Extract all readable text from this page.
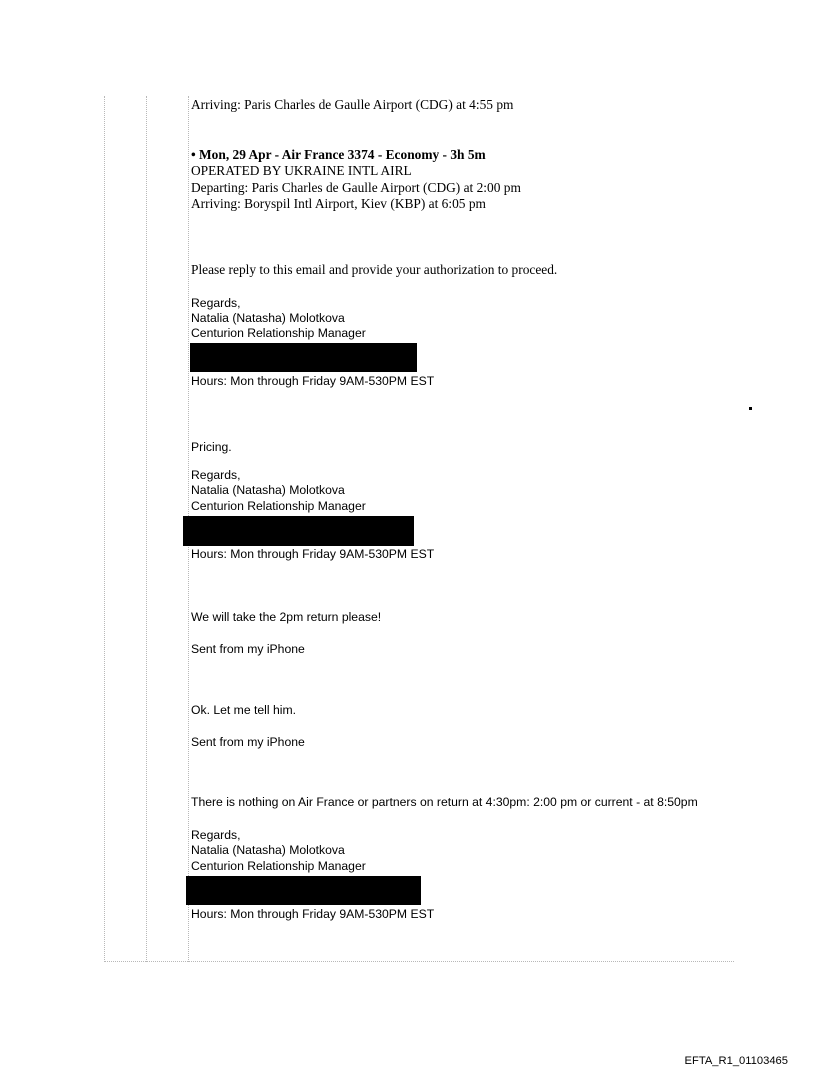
Arriving: Paris Charles de Gaulle Airport (CDG) at 4:55 pm
• Mon, 29 Apr - Air France 3374 - Economy - 3h 5m
OPERATED BY UKRAINE INTL AIRL
Departing: Paris Charles de Gaulle Airport (CDG) at 2:00 pm
Arriving: Boryspil Intl Airport, Kiev (KBP) at 6:05 pm
Please reply to this email and provide your authorization to proceed.
Regards,
Natalia (Natasha) Molotkova
Centurion Relationship Manager
Hours: Mon through Friday 9AM-530PM EST
Pricing.
Regards,
Natalia (Natasha) Molotkova
Centurion Relationship Manager
Hours: Mon through Friday 9AM-530PM EST
We will take the 2pm return please!
Sent from my iPhone
Ok. Let me tell him.
Sent from my iPhone
There is nothing on Air France or partners on return at 4:30pm: 2:00 pm or current - at 8:50pm
Regards,
Natalia (Natasha) Molotkova
Centurion Relationship Manager
Hours: Mon through Friday 9AM-530PM EST
EFTA_R1_01103465
